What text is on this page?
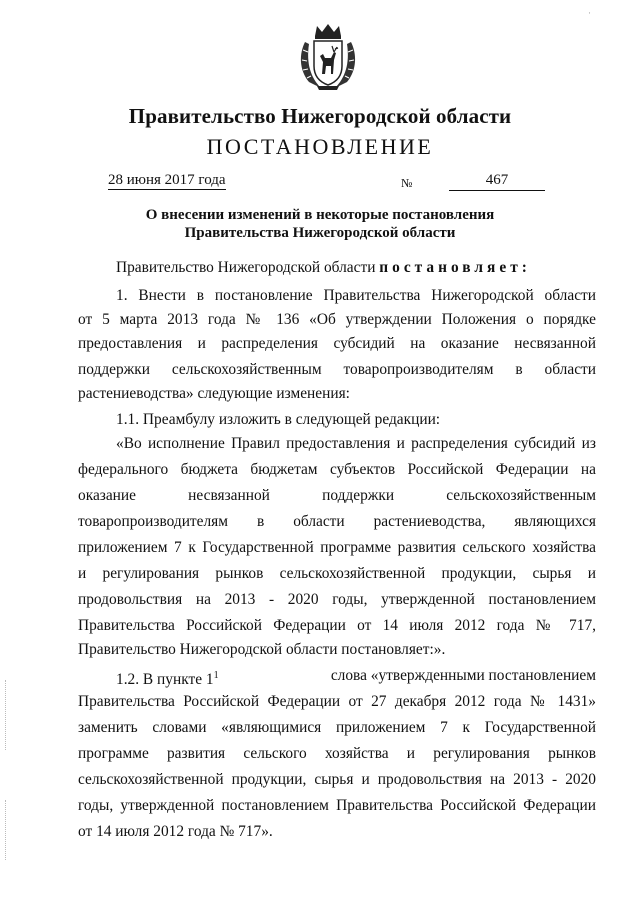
·
Правительство Нижегородской области
ПОСТАНОВЛЕНИЕ
28 июня 2017 года	№	467
О внесении изменений в некоторые постановления
Правительства Нижегородской области
Правительство Нижегородской области постановляет:
1. Внести в постановление Правительства Нижегородской области
от 5 марта 2013 года № 136 «Об утверждении Положения о порядке
предоставления и распределения субсидий на оказание несвязанной
поддержки сельскохозяйственным товаропроизводителям в области
растениеводства» следующие изменения:
1.1. Преамбулу изложить в следующей редакции:
«Во исполнение Правил предоставления и распределения субсидий из
федерального бюджета бюджетам субъектов Российской Федерации на
оказание несвязанной поддержки сельскохозяйственным
товаропроизводителям в области растениеводства, являющихся
приложением 7 к Государственной программе развития сельского хозяйства
и регулирования рынков сельскохозяйственной продукции, сырья и
продовольствия на 2013 - 2020 годы, утвержденной постановлением
Правительства Российской Федерации от 14 июля 2012 года № 717,
Правительство Нижегородской области постановляет:».
1.2. В пункте $1^1$	слова «утвержденными постановлением
Правительства Российской Федерации от 27 декабря 2012 года № 1431»
заменить словами «являющимися приложением 7 к Государственной
программе развития сельского хозяйства и регулирования рынков
сельскохозяйственной продукции, сырья и продовольствия на 2013 - 2020
годы, утвержденной постановлением Правительства Российской Федерации
от 14 июля 2012 года № 717».
